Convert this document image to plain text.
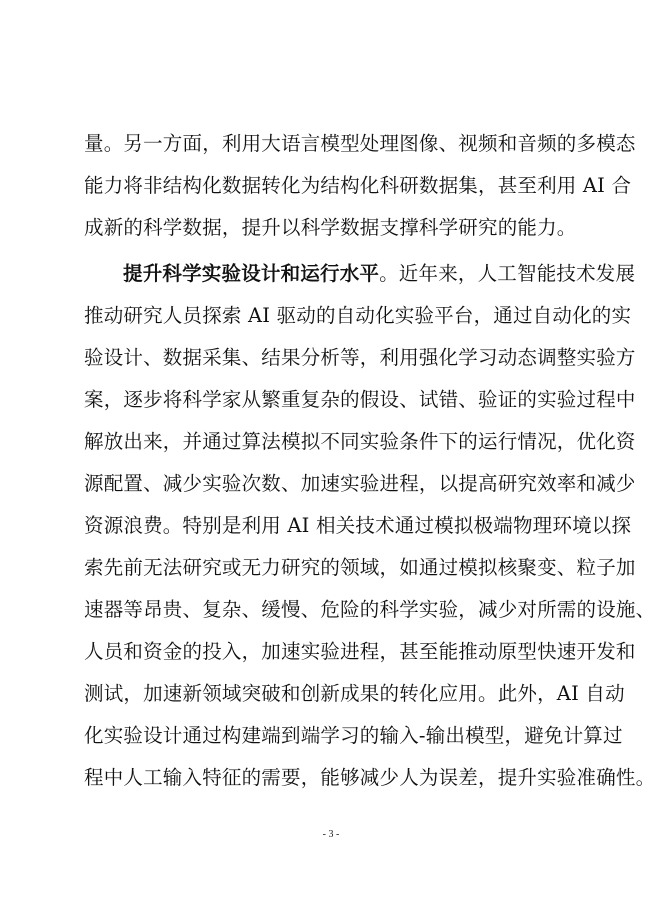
量。另一方面，利用大语言模型处理图像、视频和音频的多模态
能力将非结构化数据转化为结构化科研数据集，甚至利用 AI 合
成新的科学数据，提升以科学数据支撑科学研究的能力。
提升科学实验设计和运行水平。近年来，人工智能技术发展
推动研究人员探索 AI 驱动的自动化实验平台，通过自动化的实
验设计、数据采集、结果分析等，利用强化学习动态调整实验方
案，逐步将科学家从繁重复杂的假设、试错、验证的实验过程中
解放出来，并通过算法模拟不同实验条件下的运行情况，优化资
源配置、减少实验次数、加速实验进程，以提高研究效率和减少
资源浪费。特别是利用 AI 相关技术通过模拟极端物理环境以探
索先前无法研究或无力研究的领域，如通过模拟核聚变、粒子加
速器等昂贵、复杂、缓慢、危险的科学实验，减少对所需的设施、
人员和资金的投入，加速实验进程，甚至能推动原型快速开发和
测试，加速新领域突破和创新成果的转化应用。此外，AI 自动
化实验设计通过构建端到端学习的输入-输出模型，避免计算过
程中人工输入特征的需要，能够减少人为误差，提升实验准确性。
- 3 -
